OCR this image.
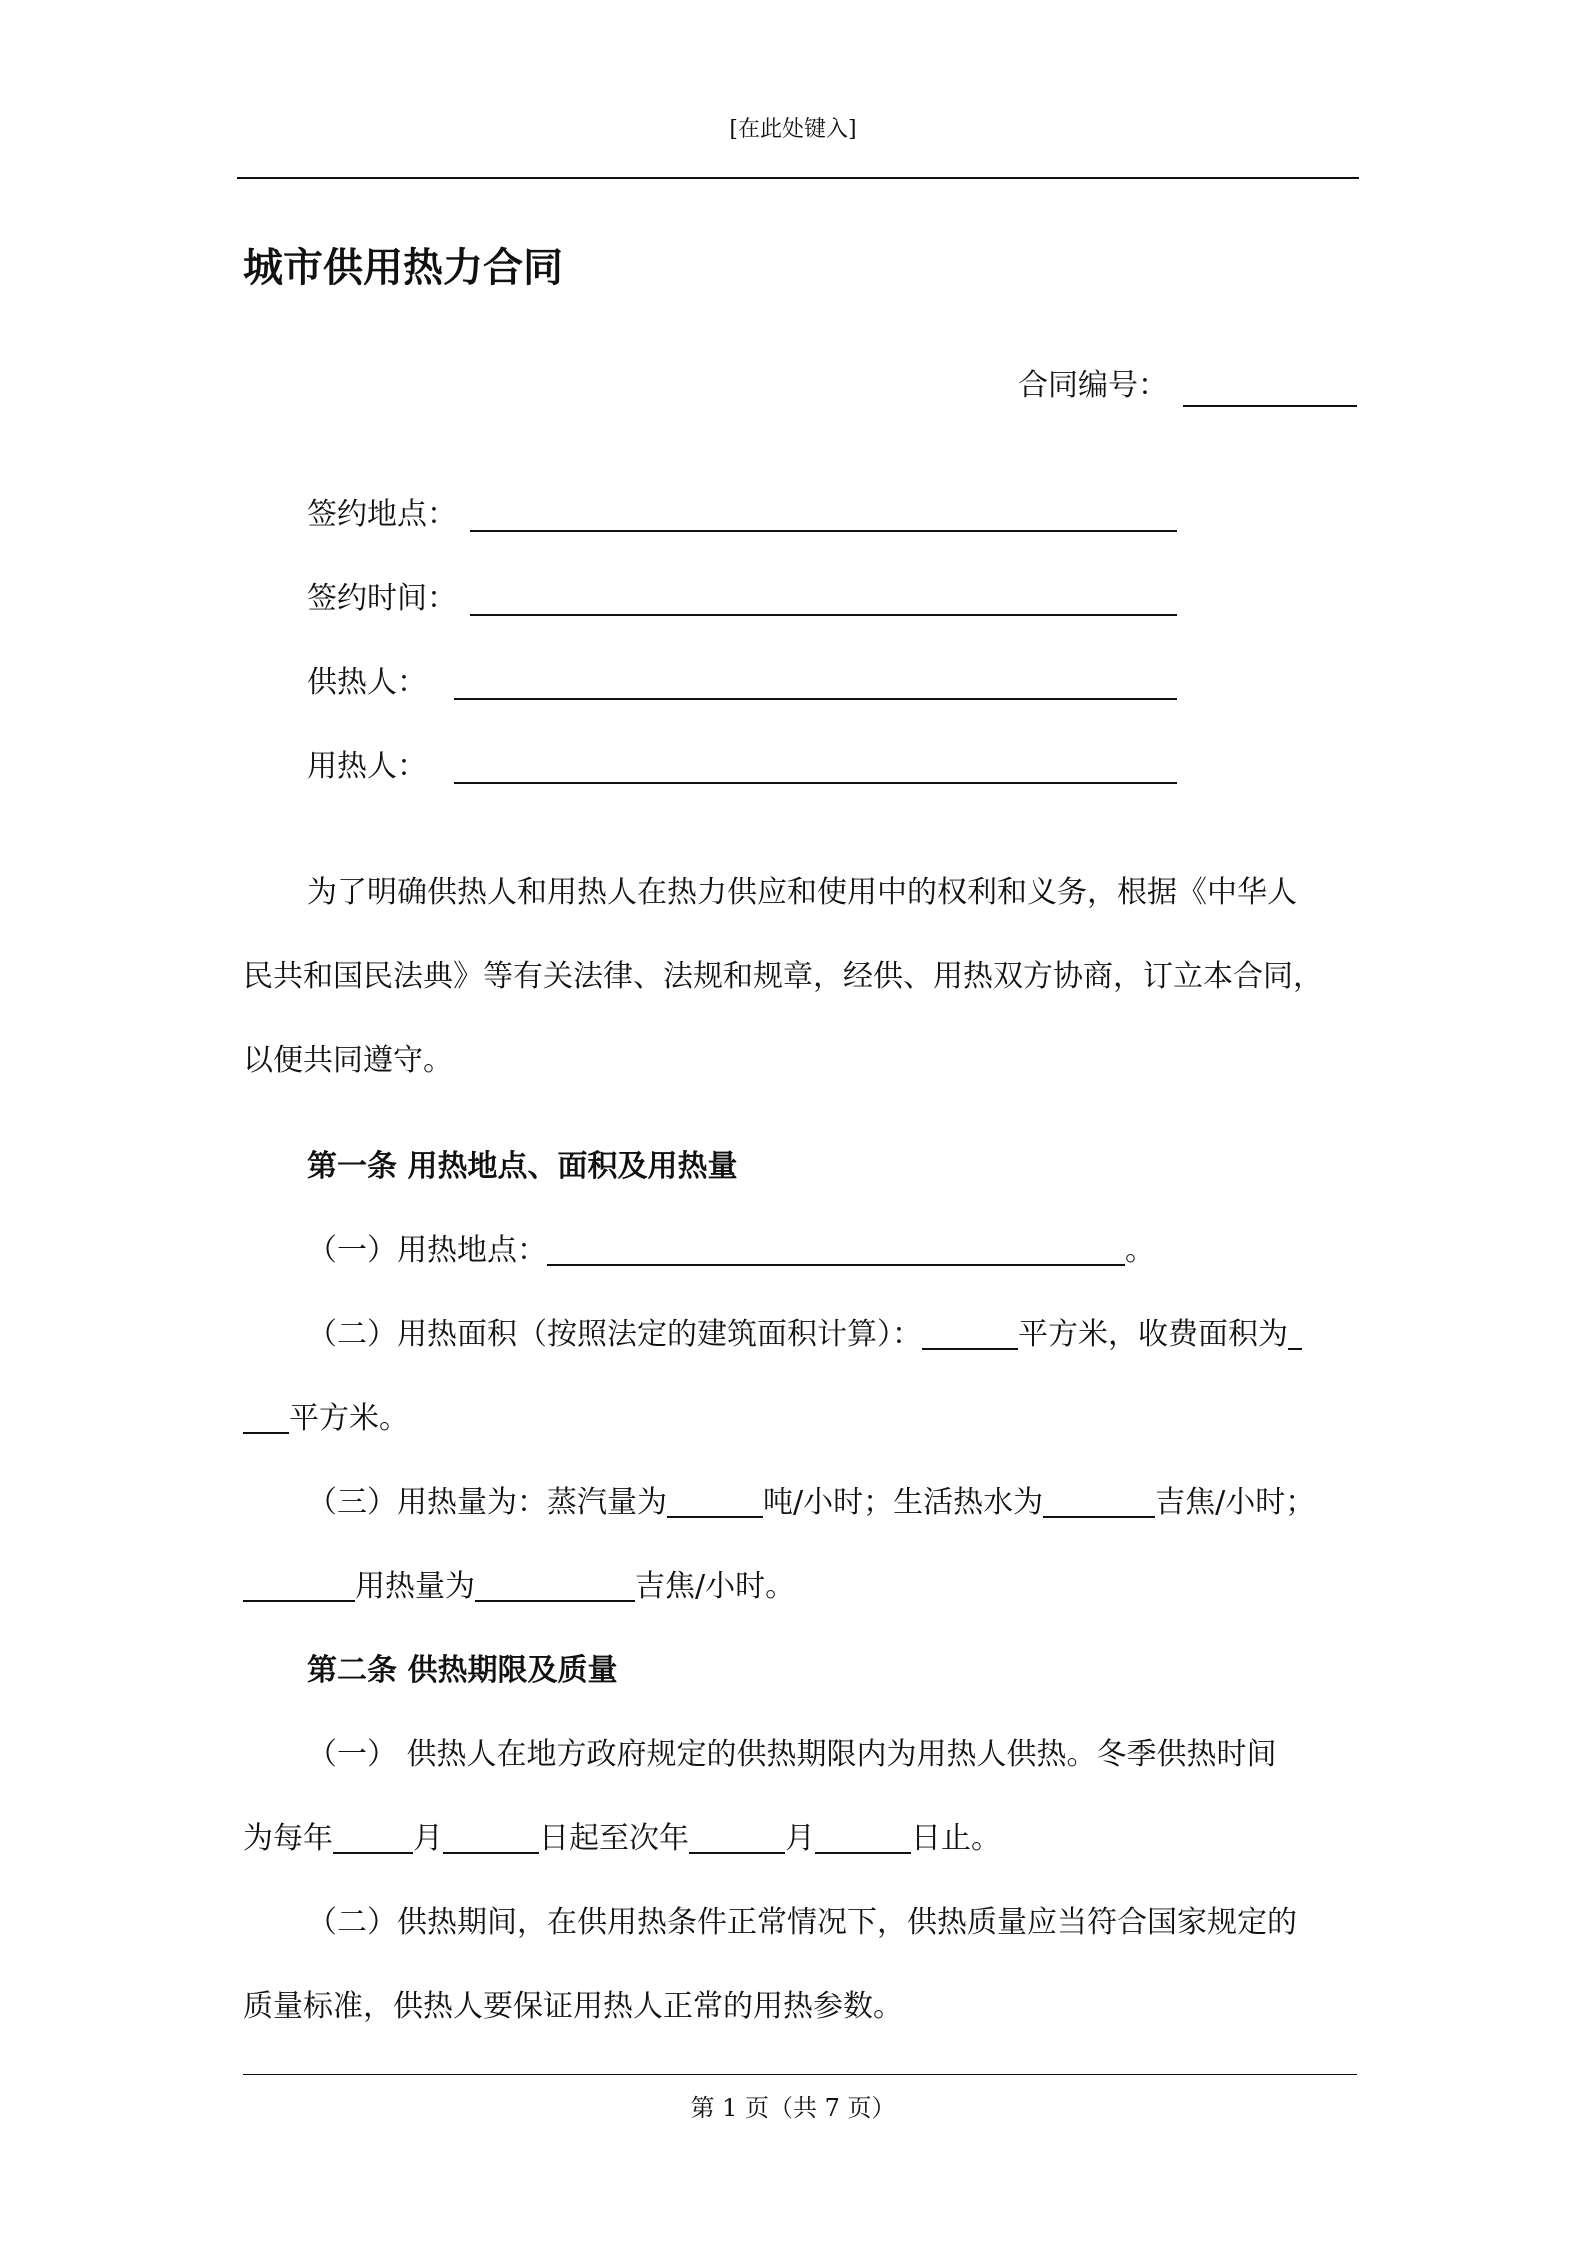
[在此处键入]
城市供用热力合同
合同编号：
签约地点：
签约时间：
供热人：
用热人：
为了明确供热人和用热人在热力供应和使用中的权利和义务，根据《中华人
民共和国民法典》等有关法律、法规和规章，经供、用热双方协商，订立本合同，
以便共同遵守。
第一条 用热地点、面积及用热量
（一）用热地点：	。
（二）用热面积（按照法定的建筑面积计算）：	平方米，收费面积为
平方米。
（三）用热量为：蒸汽量为	吨/小时；生活热水为	吉焦/小时；
用热量为	吉焦/小时。
第二条 供热期限及质量
（一） 供热人在地方政府规定的供热期限内为用热人供热。冬季供热时间
为每年	月	日起至次年	月	日止。
（二）供热期间，在供用热条件正常情况下，供热质量应当符合国家规定的
质量标准，供热人要保证用热人正常的用热参数。
第 1 页（共 7 页）
